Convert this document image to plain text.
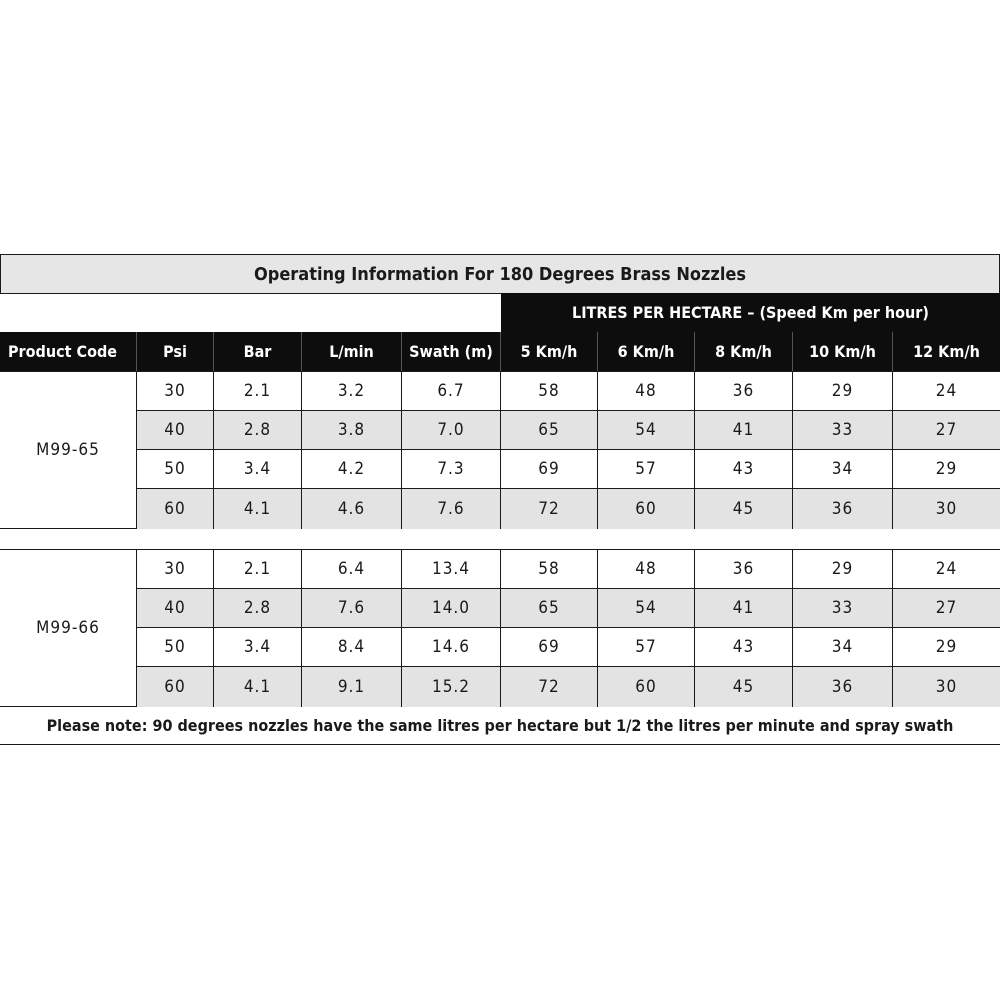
Operating Information For 180 Degrees Brass Nozzles
LITRES PER HECTARE – (Speed Km per hour)
Product Code	Psi	Bar	L/min	Swath (m)	5 Km/h	6 Km/h	8 Km/h	10 Km/h	12 Km/h
M99-65
30	2.1	3.2	6.7	58	48	36	29	24
40	2.8	3.8	7.0	65	54	41	33	27
50	3.4	4.2	7.3	69	57	43	34	29
60	4.1	4.6	7.6	72	60	45	36	30
M99-66
30	2.1	6.4	13.4	58	48	36	29	24
40	2.8	7.6	14.0	65	54	41	33	27
50	3.4	8.4	14.6	69	57	43	34	29
60	4.1	9.1	15.2	72	60	45	36	30
Please note: 90 degrees nozzles have the same litres per hectare but 1/2 the litres per minute and spray swath
